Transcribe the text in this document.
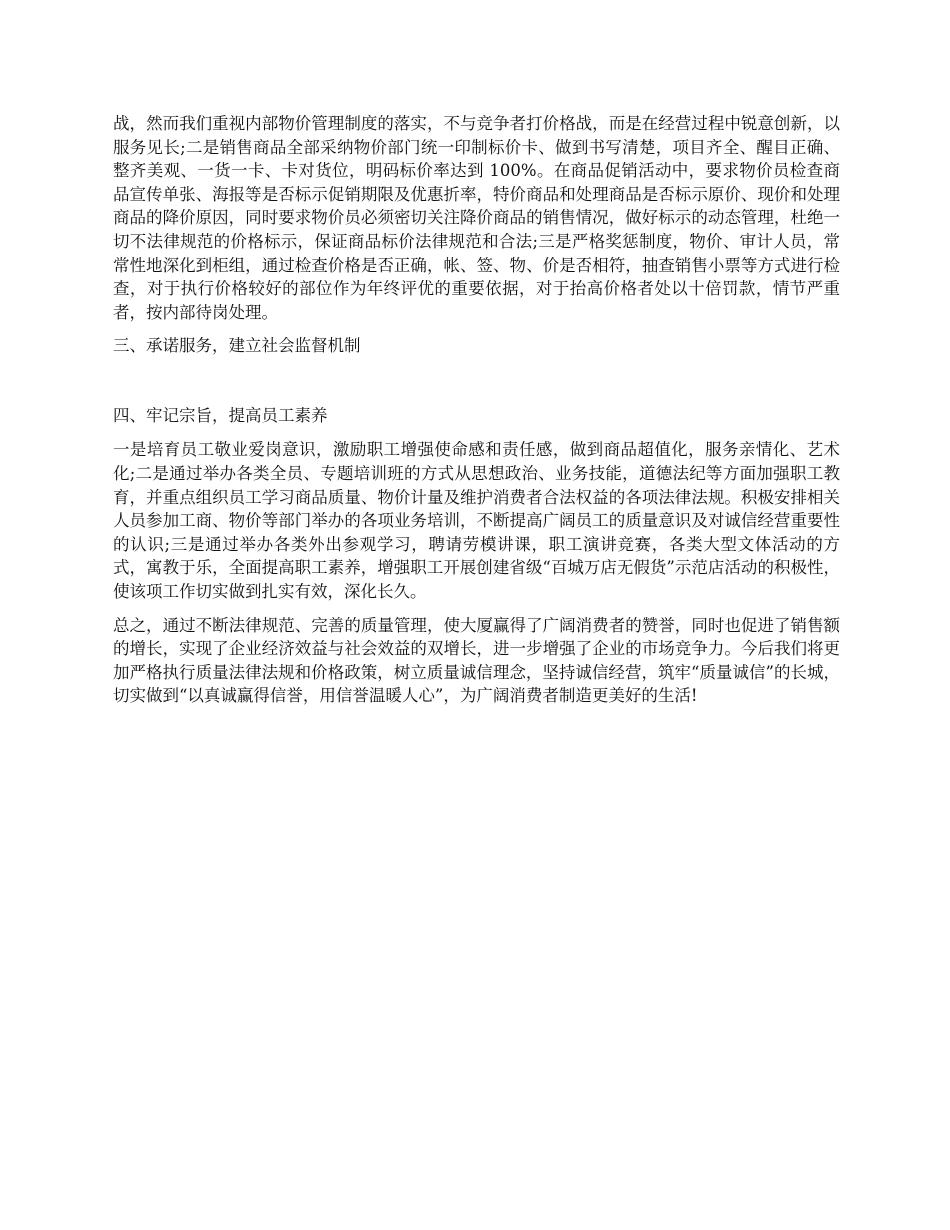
战，然而我们重视内部物价管理制度的落实，不与竞争者打价格战，而是在经营过程中锐意创新，以服务见长;二是销售商品全部采纳物价部门统一印制标价卡、做到书写清楚，项目齐全、醒目正确、整齐美观、一货一卡、卡对货位，明码标价率达到 100%。在商品促销活动中，要求物价员检查商品宣传单张、海报等是否标示促销期限及优惠折率，特价商品和处理商品是否标示原价、现价和处理商品的降价原因，同时要求物价员必须密切关注降价商品的销售情况，做好标示的动态管理，杜绝一切不法律规范的价格标示，保证商品标价法律规范和合法;三是严格奖惩制度，物价、审计人员，常常性地深化到柜组，通过检查价格是否正确，帐、签、物、价是否相符，抽查销售小票等方式进行检查，对于执行价格较好的部位作为年终评优的重要依据，对于抬高价格者处以十倍罚款，情节严重者，按内部待岗处理。

三、承诺服务，建立社会监督机制

四、牢记宗旨，提高员工素养

一是培育员工敬业爱岗意识，激励职工增强使命感和责任感，做到商品超值化，服务亲情化、艺术化;二是通过举办各类全员、专题培训班的方式从思想政治、业务技能，道德法纪等方面加强职工教育，并重点组织员工学习商品质量、物价计量及维护消费者合法权益的各项法律法规。积极安排相关人员参加工商、物价等部门举办的各项业务培训，不断提高广阔员工的质量意识及对诚信经营重要性的认识;三是通过举办各类外出参观学习，聘请劳模讲课，职工演讲竞赛，各类大型文体活动的方式，寓教于乐，全面提高职工素养，增强职工开展创建省级“百城万店无假货”示范店活动的积极性，使该项工作切实做到扎实有效，深化长久。

总之，通过不断法律规范、完善的质量管理，使大厦赢得了广阔消费者的赞誉，同时也促进了销售额的增长，实现了企业经济效益与社会效益的双增长，进一步增强了企业的市场竞争力。今后我们将更加严格执行质量法律法规和价格政策，树立质量诚信理念，坚持诚信经营，筑牢“质量诚信”的长城，切实做到“以真诚赢得信誉，用信誉温暖人心”，为广阔消费者制造更美好的生活!
